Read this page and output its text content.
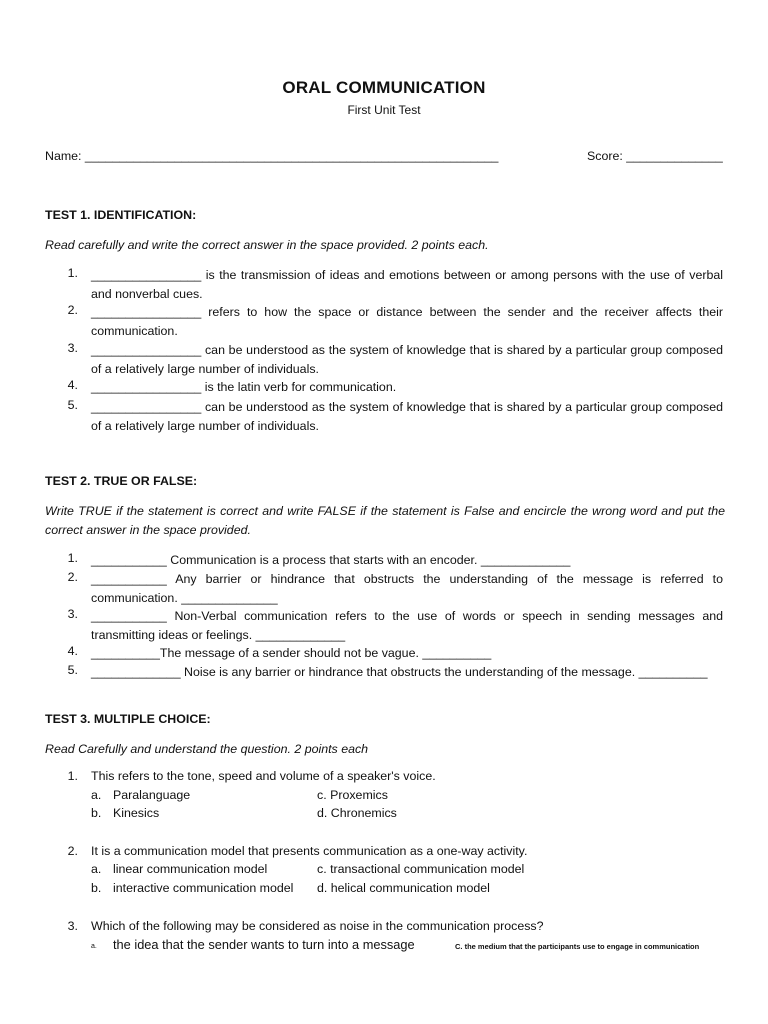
ORAL COMMUNICATION
First Unit Test
Name: ____________________________________________________________	Score: ______________
TEST 1. IDENTIFICATION:
Read carefully and write the correct answer in the space provided. 2 points each.
1. ________________ is the transmission of ideas and emotions between or among persons with the use of verbal and nonverbal cues.
2. ________________ refers to how the space or distance between the sender and the receiver affects their communication.
3. ________________ can be understood as the system of knowledge that is shared by a particular group composed of a relatively large number of individuals.
4. ________________ is the latin verb for communication.
5. ________________ can be understood as the system of knowledge that is shared by a particular group composed of a relatively large number of individuals.
TEST 2. TRUE OR FALSE:
Write TRUE if the statement is correct and write FALSE if the statement is False and encircle the wrong word and put the correct answer in the space provided.
1. ___________ Communication is a process that starts with an encoder. _____________
2. ___________ Any barrier or hindrance that obstructs the understanding of the message is referred to communication. ______________
3. ___________ Non-Verbal communication refers to the use of words or speech in sending messages and transmitting ideas or feelings. _____________
4. __________The message of a sender should not be vague. __________
5. _____________ Noise is any barrier or hindrance that obstructs the understanding of the message. __________
TEST 3. MULTIPLE CHOICE:
Read Carefully and understand the question. 2 points each
1. This refers to the tone, speed and volume of a speaker's voice.
a. Paralanguage	c. Proxemics
b. Kinesics	d. Chronemics
2. It is a communication model that presents communication as a one-way activity.
a. linear communication model	c. transactional communication model
b. interactive communication model d. helical communication model
3. Which of the following may be considered as noise in the communication process?
a. the idea that the sender wants to turn into a message	C. the medium that the participants use to engage in communication
